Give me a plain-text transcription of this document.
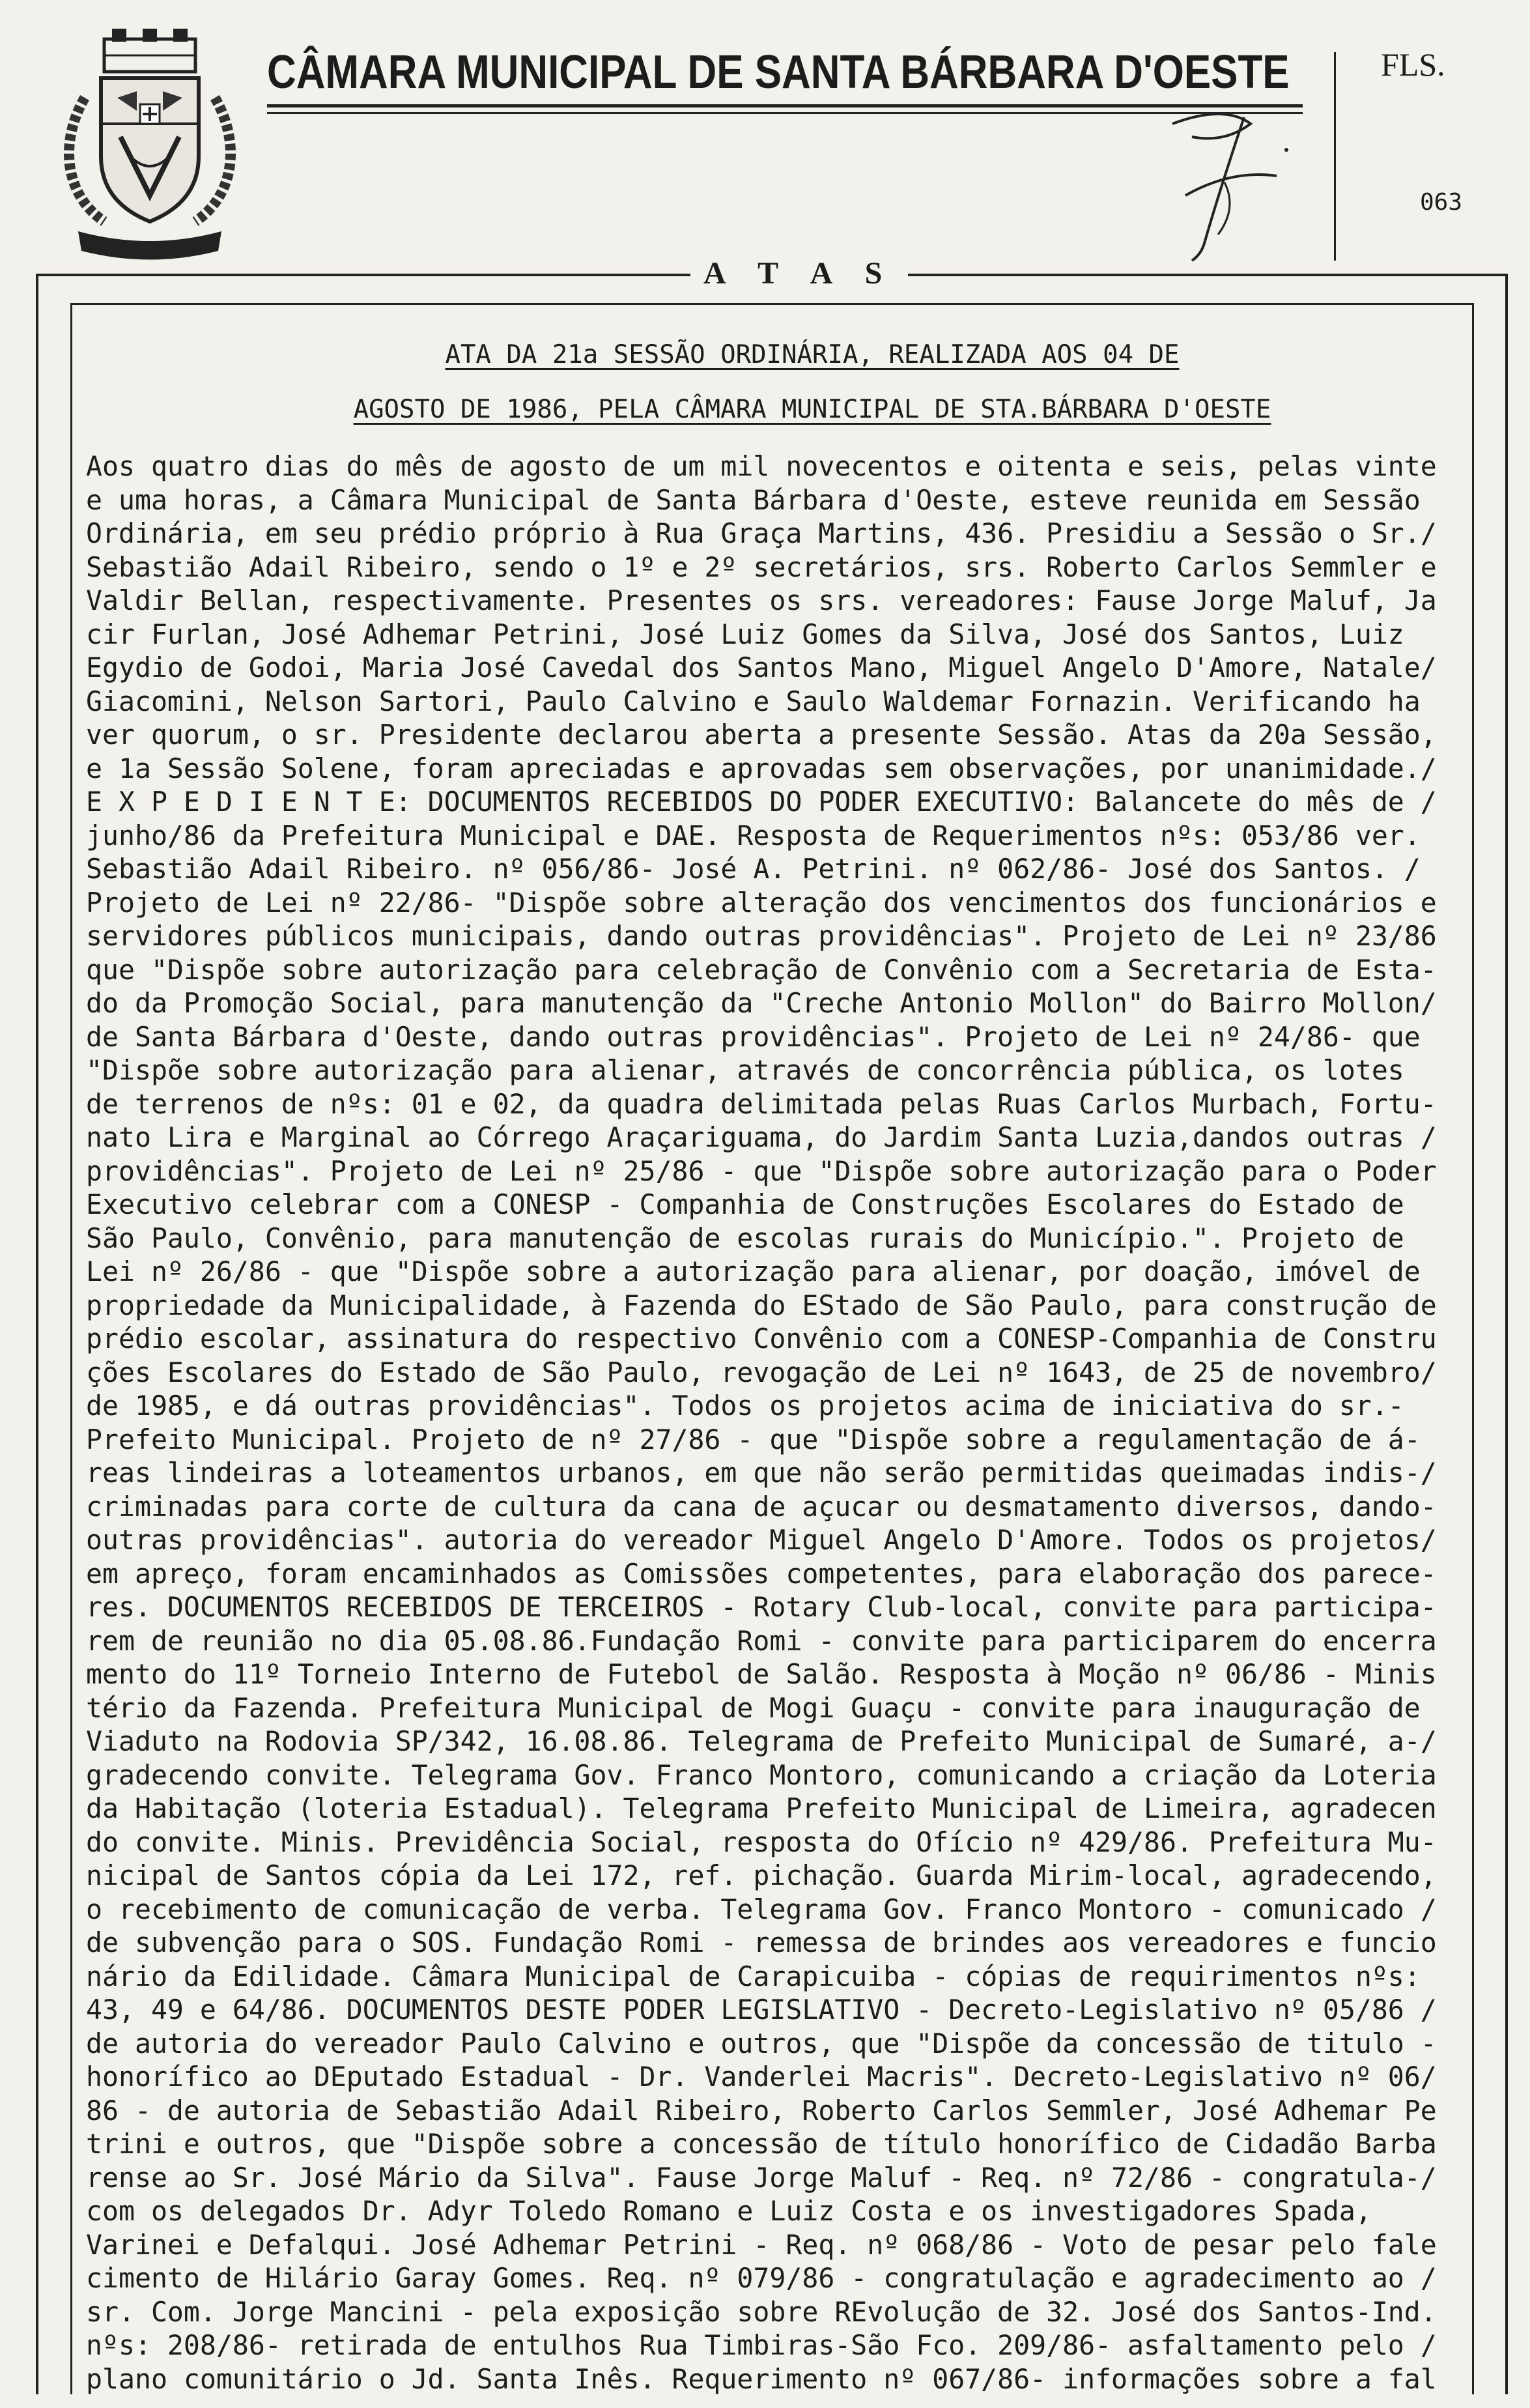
CÂMARA MUNICIPAL DE SANTA BÁRBARA D'OESTE	FLS.
063
A T A S
ATA DA 21a SESSÃO ORDINÁRIA, REALIZADA AOS 04 DE
AGOSTO DE 1986, PELA CÂMARA MUNICIPAL DE STA.BÁRBARA D'OESTE
Aos quatro dias do mês de agosto de um mil novecentos e oitenta e seis, pelas vinte
e uma horas, a Câmara Municipal de Santa Bárbara d'Oeste, esteve reunida em Sessão
Ordinária, em seu prédio próprio à Rua Graça Martins, 436. Presidiu a Sessão o Sr./
Sebastião Adail Ribeiro, sendo o 1º e 2º secretários, srs. Roberto Carlos Semmler e
Valdir Bellan, respectivamente. Presentes os srs. vereadores: Fause Jorge Maluf, Ja
cir Furlan, José Adhemar Petrini, José Luiz Gomes da Silva, José dos Santos, Luiz
Egydio de Godoi, Maria José Cavedal dos Santos Mano, Miguel Angelo D'Amore, Natale/
Giacomini, Nelson Sartori, Paulo Calvino e Saulo Waldemar Fornazin. Verificando ha
ver quorum, o sr. Presidente declarou aberta a presente Sessão. Atas da 20a Sessão,
e 1a Sessão Solene, foram apreciadas e aprovadas sem observações, por unanimidade./
E X P E D I E N T E: DOCUMENTOS RECEBIDOS DO PODER EXECUTIVO: Balancete do mês de /
junho/86 da Prefeitura Municipal e DAE. Resposta de Requerimentos nºs: 053/86 ver.
Sebastião Adail Ribeiro. nº 056/86- José A. Petrini. nº 062/86- José dos Santos. /
Projeto de Lei nº 22/86- "Dispõe sobre alteração dos vencimentos dos funcionários e
servidores públicos municipais, dando outras providências". Projeto de Lei nº 23/86
que "Dispõe sobre autorização para celebração de Convênio com a Secretaria de Esta-
do da Promoção Social, para manutenção da "Creche Antonio Mollon" do Bairro Mollon/
de Santa Bárbara d'Oeste, dando outras providências". Projeto de Lei nº 24/86- que
"Dispõe sobre autorização para alienar, através de concorrência pública, os lotes
de terrenos de nºs: 01 e 02, da quadra delimitada pelas Ruas Carlos Murbach, Fortu-
nato Lira e Marginal ao Córrego Araçariguama, do Jardim Santa Luzia,dandos outras /
providências". Projeto de Lei nº 25/86 - que "Dispõe sobre autorização para o Poder
Executivo celebrar com a CONESP - Companhia de Construções Escolares do Estado de
São Paulo, Convênio, para manutenção de escolas rurais do Município.". Projeto de
Lei nº 26/86 - que "Dispõe sobre a autorização para alienar, por doação, imóvel de
propriedade da Municipalidade, à Fazenda do EStado de São Paulo, para construção de
prédio escolar, assinatura do respectivo Convênio com a CONESP-Companhia de Constru
ções Escolares do Estado de São Paulo, revogação de Lei nº 1643, de 25 de novembro/
de 1985, e dá outras providências". Todos os projetos acima de iniciativa do sr.-
Prefeito Municipal. Projeto de nº 27/86 - que "Dispõe sobre a regulamentação de á-
reas lindeiras a loteamentos urbanos, em que não serão permitidas queimadas indis-/
criminadas para corte de cultura da cana de açucar ou desmatamento diversos, dando-
outras providências". autoria do vereador Miguel Angelo D'Amore. Todos os projetos/
em apreço, foram encaminhados as Comissões competentes, para elaboração dos parece-
res. DOCUMENTOS RECEBIDOS DE TERCEIROS - Rotary Club-local, convite para participa-
rem de reunião no dia 05.08.86.Fundação Romi - convite para participarem do encerra
mento do 11º Torneio Interno de Futebol de Salão. Resposta à Moção nº 06/86 - Minis
tério da Fazenda. Prefeitura Municipal de Mogi Guaçu - convite para inauguração de
Viaduto na Rodovia SP/342, 16.08.86. Telegrama de Prefeito Municipal de Sumaré, a-/
gradecendo convite. Telegrama Gov. Franco Montoro, comunicando a criação da Loteria
da Habitação (loteria Estadual). Telegrama Prefeito Municipal de Limeira, agradecen
do convite. Minis. Previdência Social, resposta do Ofício nº 429/86. Prefeitura Mu-
nicipal de Santos cópia da Lei 172, ref. pichação. Guarda Mirim-local, agradecendo,
o recebimento de comunicação de verba. Telegrama Gov. Franco Montoro - comunicado /
de subvenção para o SOS. Fundação Romi - remessa de brindes aos vereadores e funcio
nário da Edilidade. Câmara Municipal de Carapicuiba - cópias de requirimentos nºs:
43, 49 e 64/86. DOCUMENTOS DESTE PODER LEGISLATIVO - Decreto-Legislativo nº 05/86 /
de autoria do vereador Paulo Calvino e outros, que "Dispõe da concessão de titulo -
honorífico ao DEputado Estadual - Dr. Vanderlei Macris". Decreto-Legislativo nº 06/
86 - de autoria de Sebastião Adail Ribeiro, Roberto Carlos Semmler, José Adhemar Pe
trini e outros, que "Dispõe sobre a concessão de título honorífico de Cidadão Barba
rense ao Sr. José Mário da Silva". Fause Jorge Maluf - Req. nº 72/86 - congratula-/
com os delegados Dr. Adyr Toledo Romano e Luiz Costa e os investigadores Spada,
Varinei e Defalqui. José Adhemar Petrini - Req. nº 068/86 - Voto de pesar pelo fale
cimento de Hilário Garay Gomes. Req. nº 079/86 - congratulação e agradecimento ao /
sr. Com. Jorge Mancini - pela exposição sobre REvolução de 32. José dos Santos-Ind.
nºs: 208/86- retirada de entulhos Rua Timbiras-São Fco. 209/86- asfaltamento pelo /
plano comunitário o Jd. Santa Inês. Requerimento nº 067/86- informações sobre a fal
